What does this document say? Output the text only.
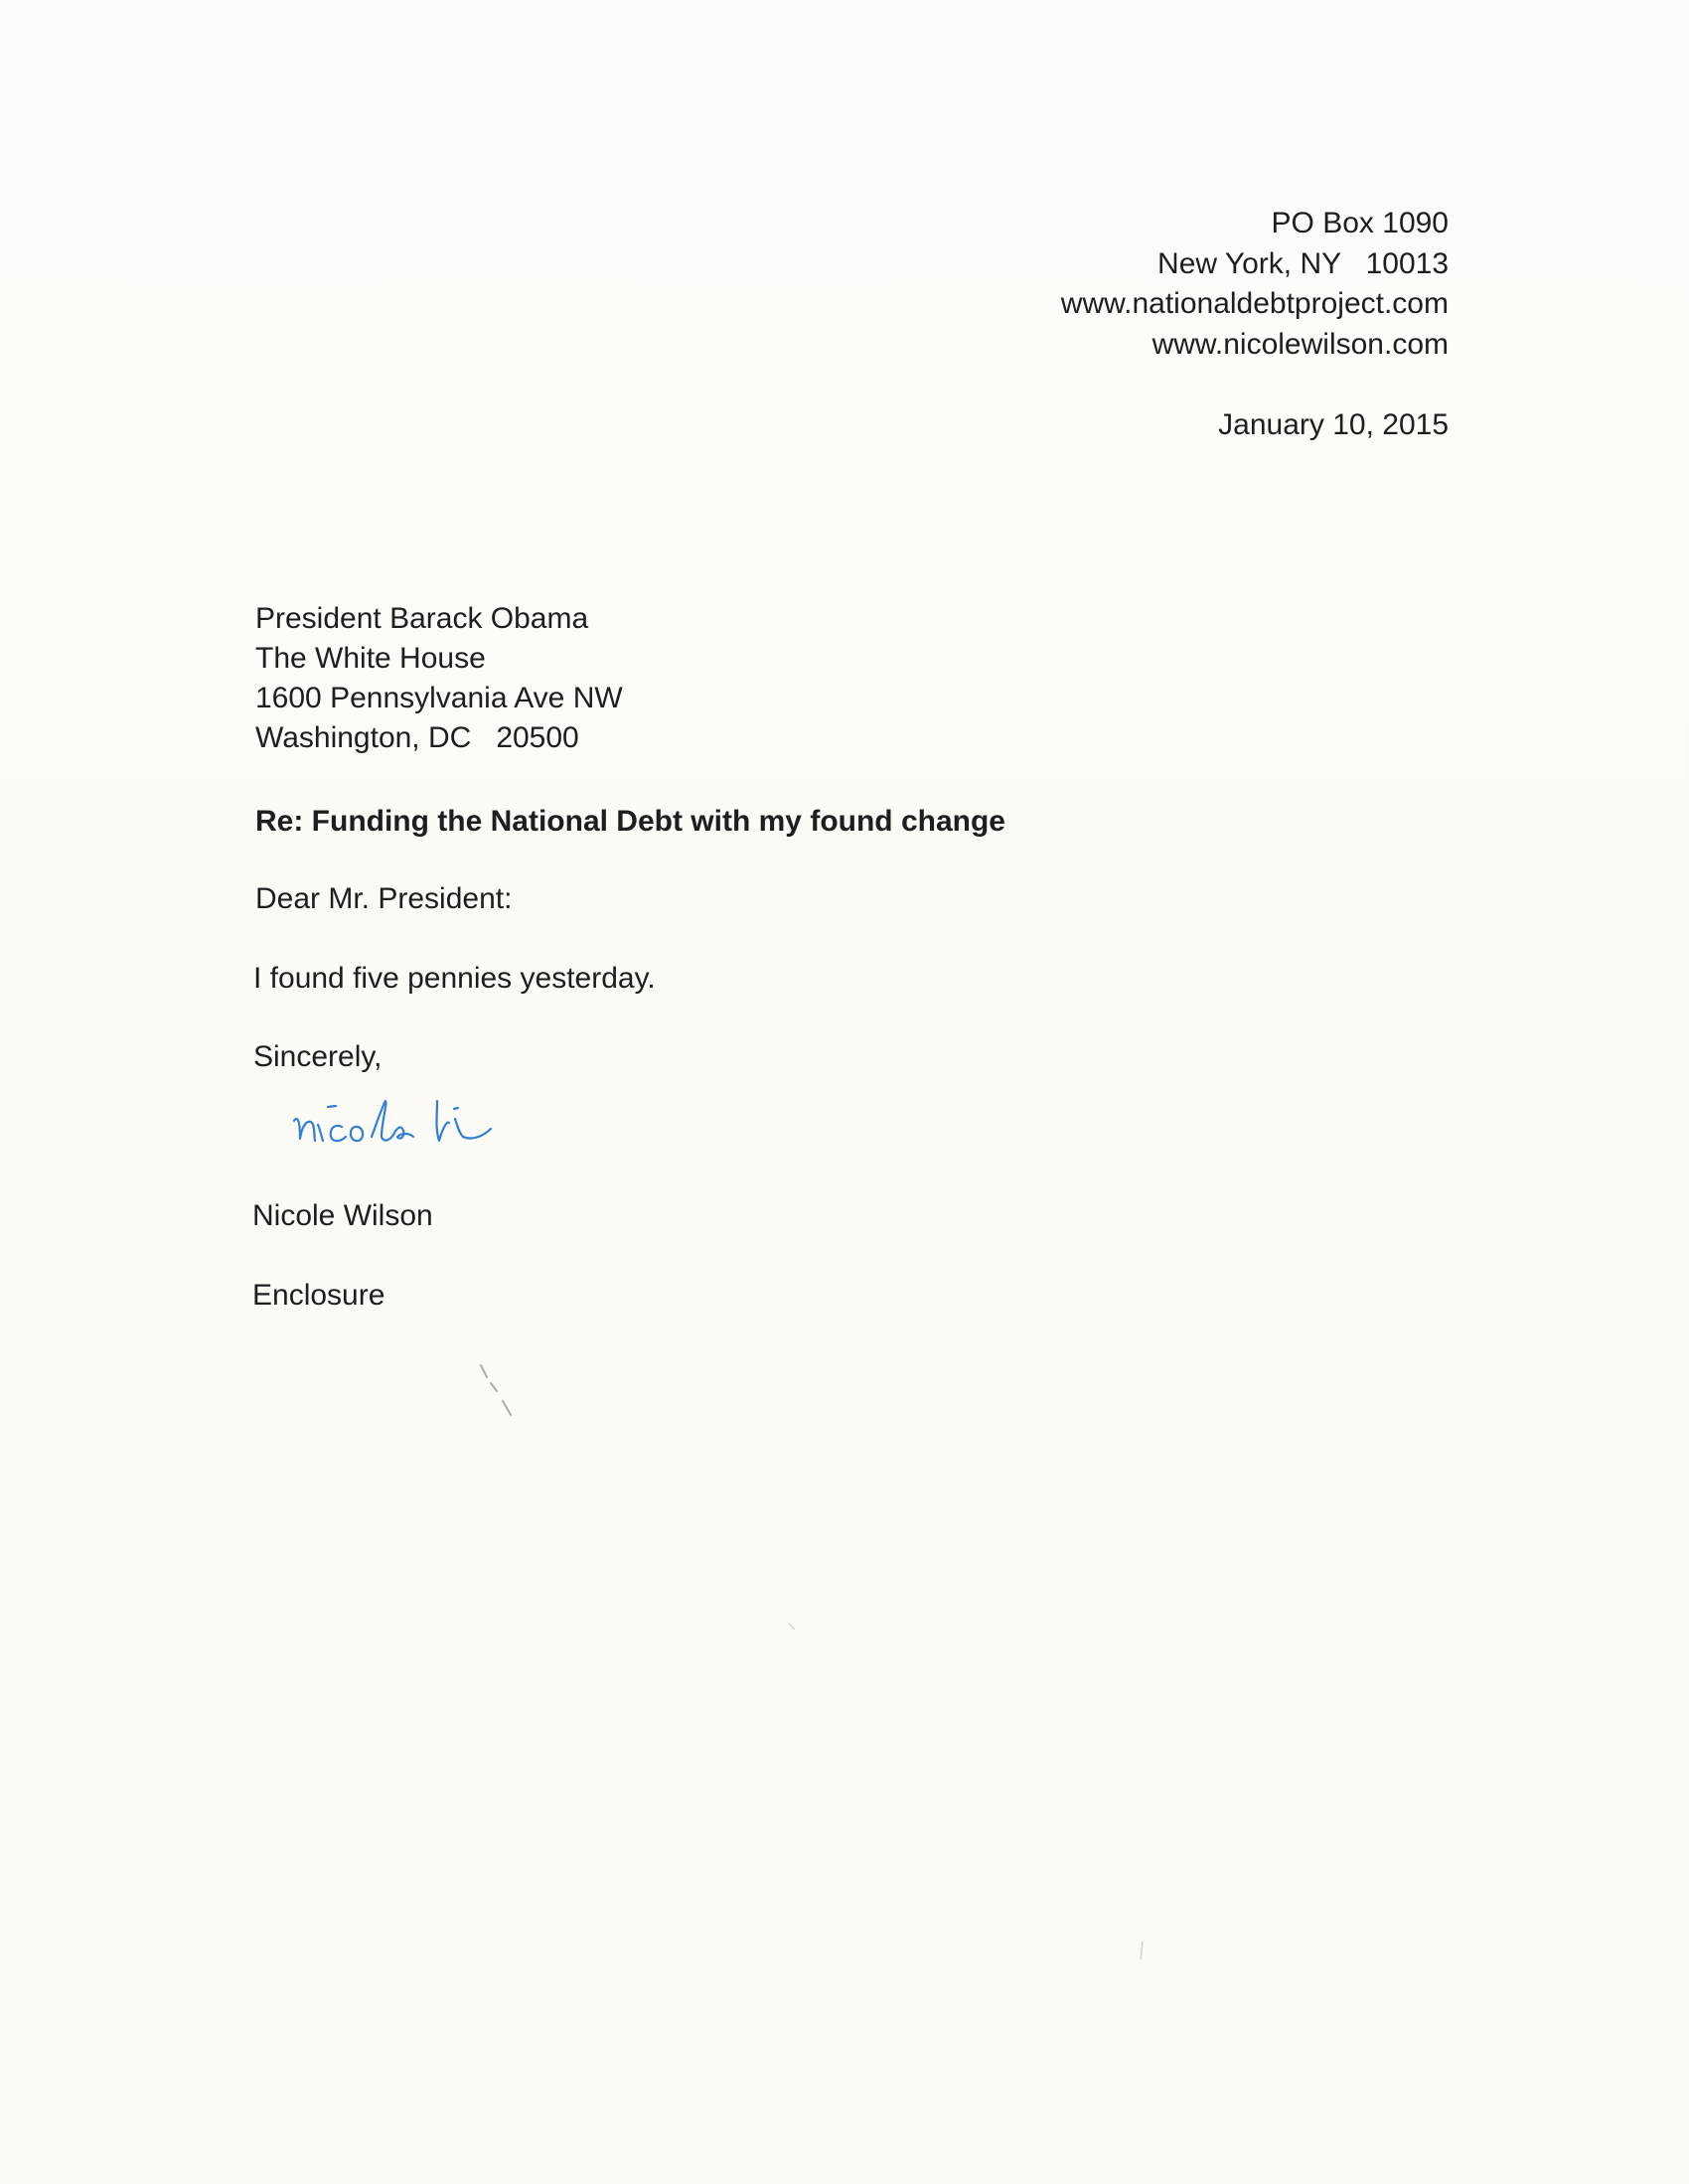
PO Box 1090
New York, NY   10013
www.nationaldebtproject.com
www.nicolewilson.com
January 10, 2015
President Barack Obama
The White House
1600 Pennsylvania Ave NW
Washington, DC   20500
Re: Funding the National Debt with my found change
Dear Mr. President:
I found five pennies yesterday.
Sincerely,
Nicole Wilson
Enclosure
